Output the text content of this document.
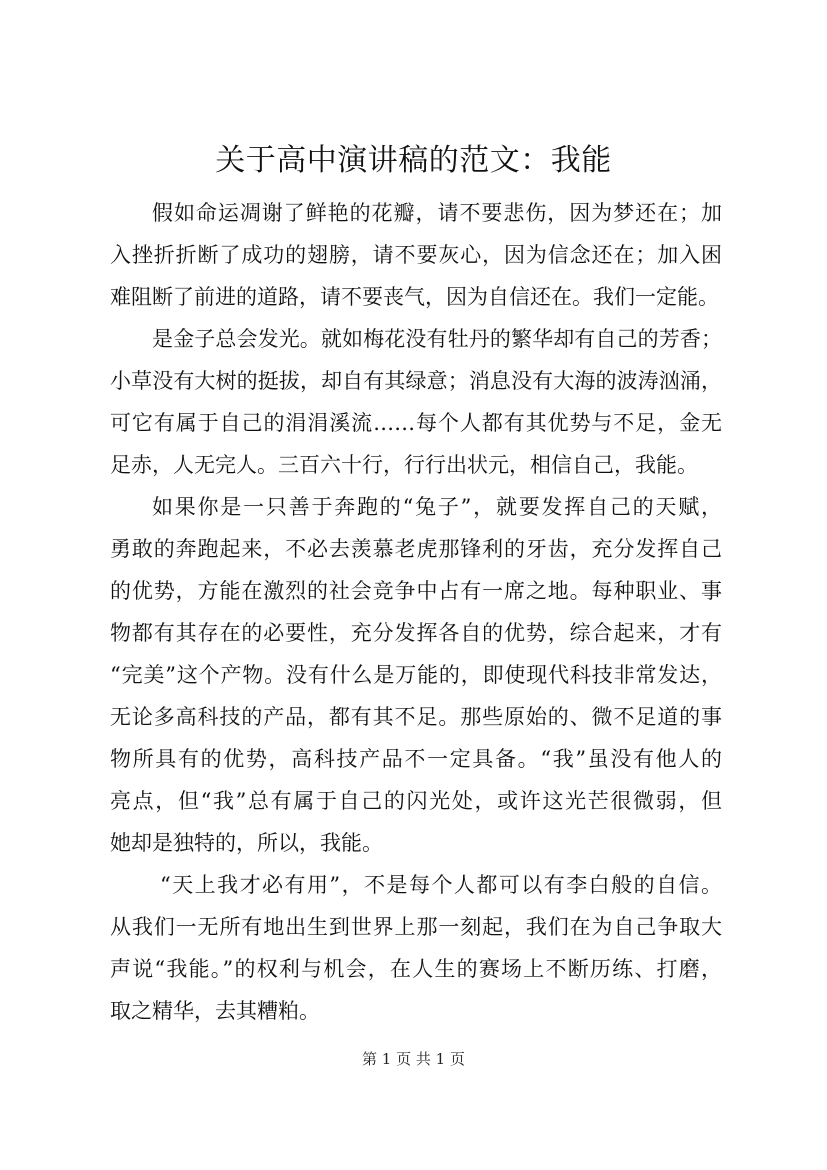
关于高中演讲稿的范文：我能
假如命运凋谢了鲜艳的花瓣，请不要悲伤，因为梦还在；加
入挫折折断了成功的翅膀，请不要灰心，因为信念还在；加入困
难阻断了前进的道路，请不要丧气，因为自信还在。我们一定能。
是金子总会发光。就如梅花没有牡丹的繁华却有自己的芳香；
小草没有大树的挺拔，却自有其绿意；消息没有大海的波涛汹涌，
可它有属于自己的涓涓溪流……每个人都有其优势与不足，金无
足赤，人无完人。三百六十行，行行出状元，相信自己，我能。
如果你是一只善于奔跑的“兔子”，就要发挥自己的天赋，
勇敢的奔跑起来，不必去羡慕老虎那锋利的牙齿，充分发挥自己
的优势，方能在激烈的社会竞争中占有一席之地。每种职业、事
物都有其存在的必要性，充分发挥各自的优势，综合起来，才有
“完美”这个产物。没有什么是万能的，即使现代科技非常发达，
无论多高科技的产品，都有其不足。那些原始的、微不足道的事
物所具有的优势，高科技产品不一定具备。“我”虽没有他人的
亮点，但“我”总有属于自己的闪光处，或许这光芒很微弱，但
她却是独特的，所以，我能。
“天上我才必有用”，不是每个人都可以有李白般的自信。
从我们一无所有地出生到世界上那一刻起，我们在为自己争取大
声说“我能。”的权利与机会，在人生的赛场上不断历练、打磨，
取之精华，去其糟粕。
第 1 页 共 1 页
